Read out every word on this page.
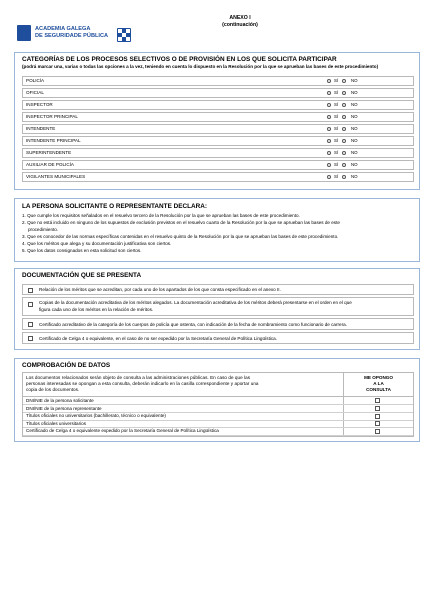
ACADEMIA GALEGA
DE SEGURIDADE PÚBLICA
ANEXO I
(continuación)
CATEGORÍAS DE LOS PROCESOS SELECTIVOS O DE PROVISIÓN EN LOS QUE SOLICITA PARTICIPAR
(podrá marcar una, varias o todas las opciones a la vez, teniendo en cuenta lo dispuesto en la Resolución por la que se aprueban las bases de este procedimiento)
POLICÍA	SÍ	NO
OFICIAL	SÍ	NO
INSPECTOR	SÍ	NO
INSPECTOR PRINCIPAL	SÍ	NO
INTENDENTE	SÍ	NO
INTENDENTE PRINCIPAL	SÍ	NO
SUPERINTENDENTE	SÍ	NO
AUXILIAR DE POLICÍA	SÍ	NO
VIGILANTES MUNICIPALES	SÍ	NO
LA PERSONA SOLICITANTE O REPRESENTANTE DECLARA:
1. Que cumple los requisitos señalados en el resuelvo tercero de la Resolución por la que se aprueban las bases de este procedimiento.
2. Que no está incluido en ninguno de los supuestos de exclusión previstos en el resuelvo cuarto de la Resolución por la que se aprueban las bases de este
procedimiento.
3. Que es conocedor de las normas específicas contenidas en el resuelvo quinto de la Resolución por la que se aprueban las bases de este procedimiento.
4. Que los méritos que alega y su documentación justificativa son ciertos.
5. Que los datos consignados en esta solicitud son ciertos.
DOCUMENTACIÓN QUE SE PRESENTA
Relación de los méritos que se acreditan, por cada uno de los apartados de los que consta especificado en el anexo II.
Copias de la documentación acreditativa de los méritos alegados. La documentación acreditativa de los méritos deberá presentarse en el orden en el que
figura cada uno de los méritos en la relación de méritos.
Certificado acreditativo de la categoría de los cuerpos de policía que ostenta, con indicación de la fecha de nombramiento como funcionario de carrera.
Certificado de Celga 4 o equivalente, en el caso de no ser expedido por la Secretaría General de Política Lingüística.
COMPROBACIÓN DE DATOS
Los documentos relacionados serán objeto de consulta a las administraciones públicas. En caso de que las
personas interesadas se opongan a esta consulta, deberán indicarlo en la casilla correspondiente y aportar una
copia de los documentos.
ME OPONGO
A LA
CONSULTA
DNI/NIE de la persona solicitante
DNI/NIE de la persona representante
Títulos oficiales no universitarios (bachillerato, técnico o equivalente)
Títulos oficiales universitarios
Certificado de Celga 4 o equivalente expedido por la Secretaría General de Política Lingüística
